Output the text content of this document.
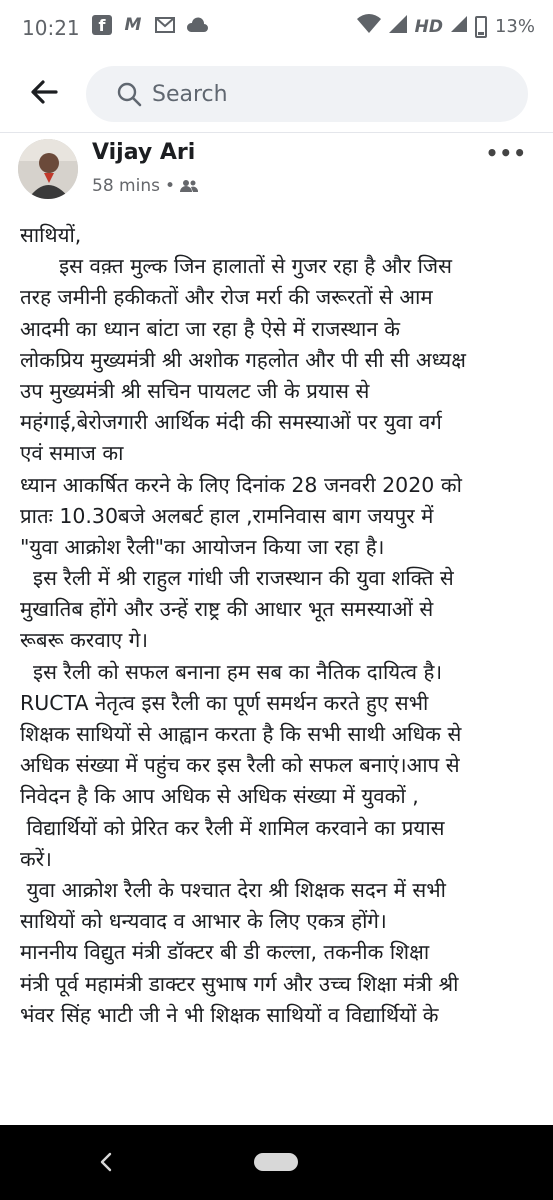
10:21	f	M	HD	13%
Search
Vijay Ari
58 mins •
•••
साथियों,
इस वक़्त मुल्क जिन हालातों से गुजर रहा है और जिस
तरह जमीनी हकीकतों और रोज मर्रा की जरूरतों से आम
आदमी का ध्यान बांटा जा रहा है ऐसे में राजस्थान के
लोकप्रिय मुख्यमंत्री श्री अशोक गहलोत और पी सी सी अध्यक्ष
उप मुख्यमंत्री श्री सचिन पायलट जी के प्रयास से
महंगाई,बेरोजगारी आर्थिक मंदी की समस्याओं पर युवा वर्ग
एवं समाज का
ध्यान आकर्षित करने के लिए दिनांक 28 जनवरी 2020 को
प्रातः 10.30बजे अलबर्ट हाल ,रामनिवास बाग जयपुर में
"युवा आक्रोश रैली"का आयोजन किया जा रहा है।
इस रैली में श्री राहुल गांधी जी राजस्थान की युवा शक्ति से
मुखातिब होंगे और उन्हें राष्ट्र की आधार भूत समस्याओं से
रूबरू करवाए गे।
इस रैली को सफल बनाना हम सब का नैतिक दायित्व है।
RUCTA नेतृत्व इस रैली का पूर्ण समर्थन करते हुए सभी
शिक्षक साथियों से आह्वान करता है कि सभी साथी अधिक से
अधिक संख्या में पहुंच कर इस रैली को सफल बनाएं।आप से
निवेदन है कि आप अधिक से अधिक संख्या में युवकों ,
विद्यार्थियों को प्रेरित कर रैली में शामिल करवाने का प्रयास
करें।
युवा आक्रोश रैली के पश्चात देरा श्री शिक्षक सदन में सभी
साथियों को धन्यवाद व आभार के लिए एकत्र होंगे।
माननीय विद्युत मंत्री डॉक्टर बी डी कल्ला, तकनीक शिक्षा
मंत्री पूर्व महामंत्री डाक्टर सुभाष गर्ग और उच्च शिक्षा मंत्री श्री
भंवर सिंह भाटी जी ने भी शिक्षक साथियों व विद्यार्थियों के
